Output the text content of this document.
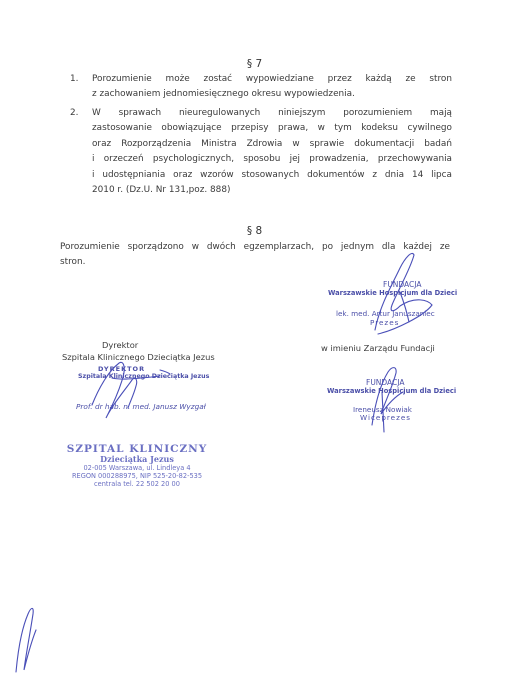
§ 7
1. Porozumienie może zostać wypowiedziane przez każdą ze stron
z zachowaniem jednomiesięcznego okresu wypowiedzenia.
2. W sprawach nieuregulowanych niniejszym porozumieniem mają
zastosowanie obowiązujące przepisy prawa, w tym kodeksu cywilnego
oraz Rozporządzenia Ministra Zdrowia w sprawie dokumentacji badań
i orzeczeń psychologicznych, sposobu jej prowadzenia, przechowywania
i udostępniania oraz wzorów stosowanych dokumentów z dnia 14 lipca
2010 r. (Dz.U. Nr 131,poz. 888)
§ 8
Porozumienie sporządzono w dwóch egzemplarzach, po jednym dla każdej ze
stron.
Dyrektor
Szpitala Klinicznego Dzieciątka Jezus
DYREKTOR
Szpitala Klinicznego Dzieciątka Jezus
Prof. dr hab. n. med. Janusz Wyzgał
SZPITAL KLINICZNY
Dzieciątka Jezus
02-005 Warszawa, ul. Lindleya 4
REGON 000288975, NIP 525-20-82-535
centrala tel. 22 502 20 00
FUNDACJA
Warszawskie Hospicjum dla Dzieci
lek. med. Artur Januszaniec
Prezes
w imieniu Zarządu Fundacji
FUNDACJA
Warszawskie Hospicjum dla Dzieci
Ireneusz Nowiak
Wiceprezes
